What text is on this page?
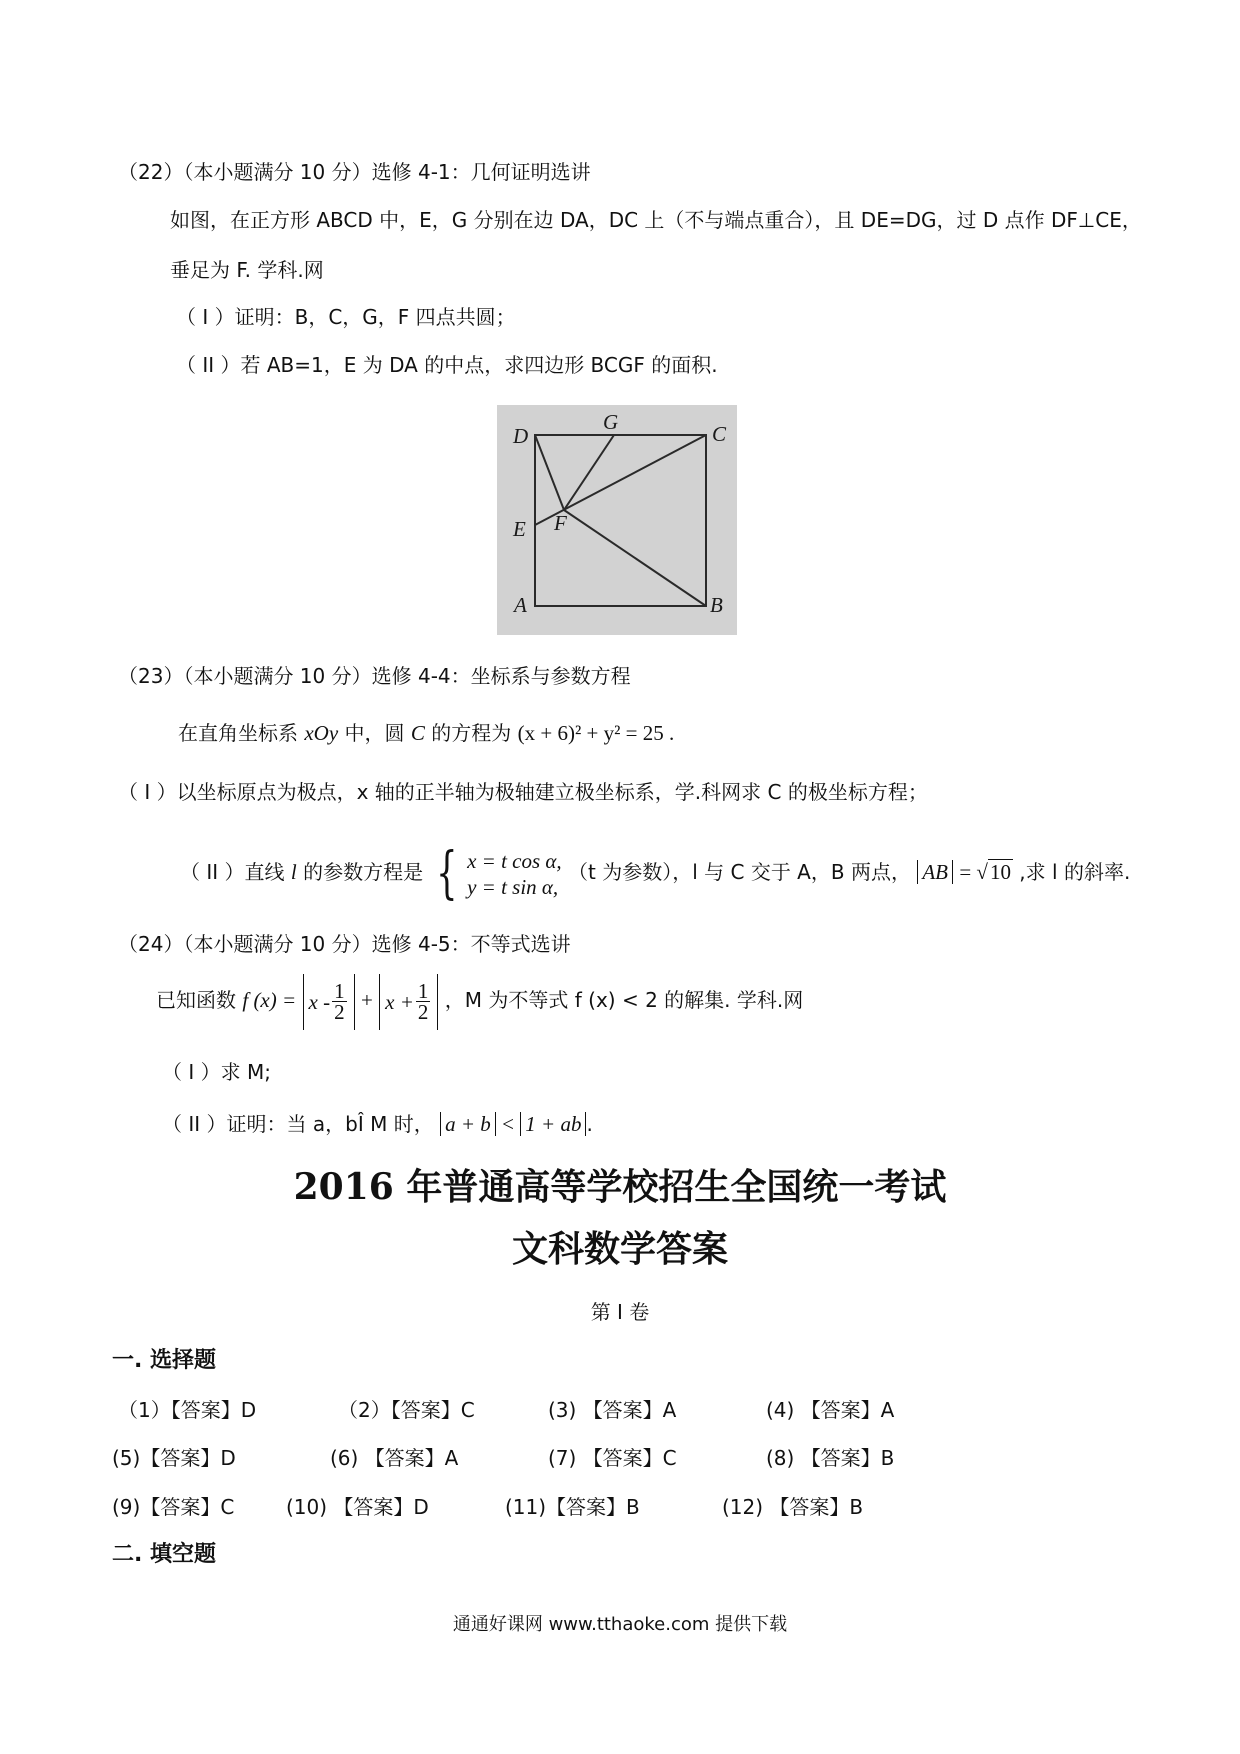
（22）（本小题满分 10 分）选修 4-1：几何证明选讲
如图，在正方形 ABCD 中，E，G 分别在边 DA，DC 上（不与端点重合），且 DE=DG，过 D 点作 DF⊥CE，
垂足为 F. 学科.网
（ I ）证明：B，C，G，F 四点共圆；
（ II ）若 AB=1，E 为 DA 的中点，求四边形 BCGF 的面积.
D
G	C
E F
A	B
（23）（本小题满分 10 分）选修 4-4：坐标系与参数方程
在直角坐标系 xOy 中，圆 C 的方程为 (x + 6)² + y² = 25 .
（ I ）以坐标原点为极点，x 轴的正半轴为极轴建立极坐标系，学.科网求 C 的极坐标方程；
（ II ）直线 l 的参数方程是 { x = t cos α,
y = t sin α,
（t 为参数），l 与 C 交于 A，B 两点， AB = √10 ,求 l 的斜率.
（24）（本小题满分 10 分）选修 4-5：不等式选讲
已知函数 f $(x) = x - \frac{1}{2} + x + \frac{1}{2}$ ，M 为不等式 f (x) < 2 的解集. 学科.网
（ I ）求 M;
（ II ）证明：当 a，bÎ M 时， a + b < 1 + ab .
2016 年普通高等学校招生全国统一考试
文科数学答案
第 I 卷
一. 选择题
（1）【答案】D	（2）【答案】C	(3) 【答案】A	(4) 【答案】A
(5)【答案】D	(6) 【答案】A	(7) 【答案】C	(8) 【答案】B
(9)【答案】C	(10) 【答案】D	(11)【答案】B	(12) 【答案】B
二. 填空题
通通好课网 www.tthaoke.com 提供下载
